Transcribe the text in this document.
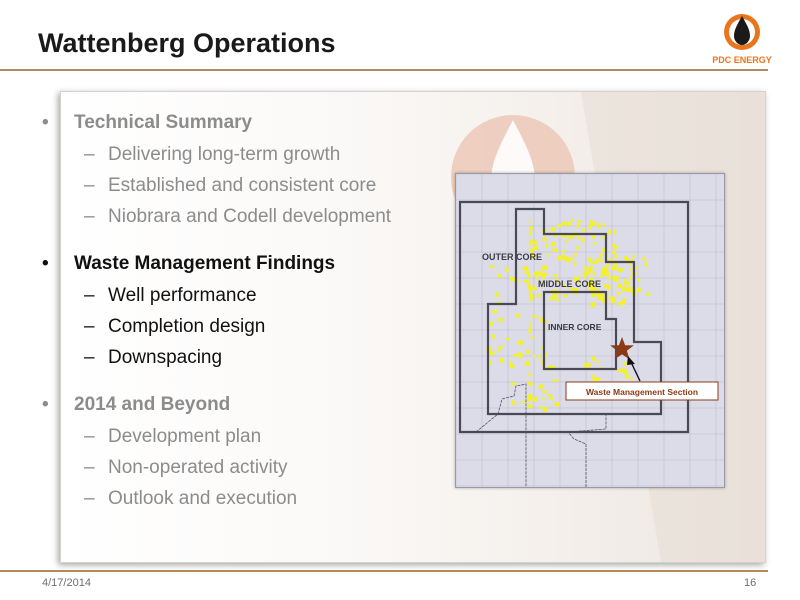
Wattenberg Operations
PDC ENERGY
• Technical Summary
– Delivering long-term growth
– Established and consistent core
– Niobrara and Codell development
• Waste Management Findings
– Well performance
– Completion design
– Downspacing
• 2014 and Beyond
– Development plan
– Non-operated activity
– Outlook and execution
OUTER CORE
MIDDLE CORE
INNER CORE
Waste Management Section
4/17/2014	16
